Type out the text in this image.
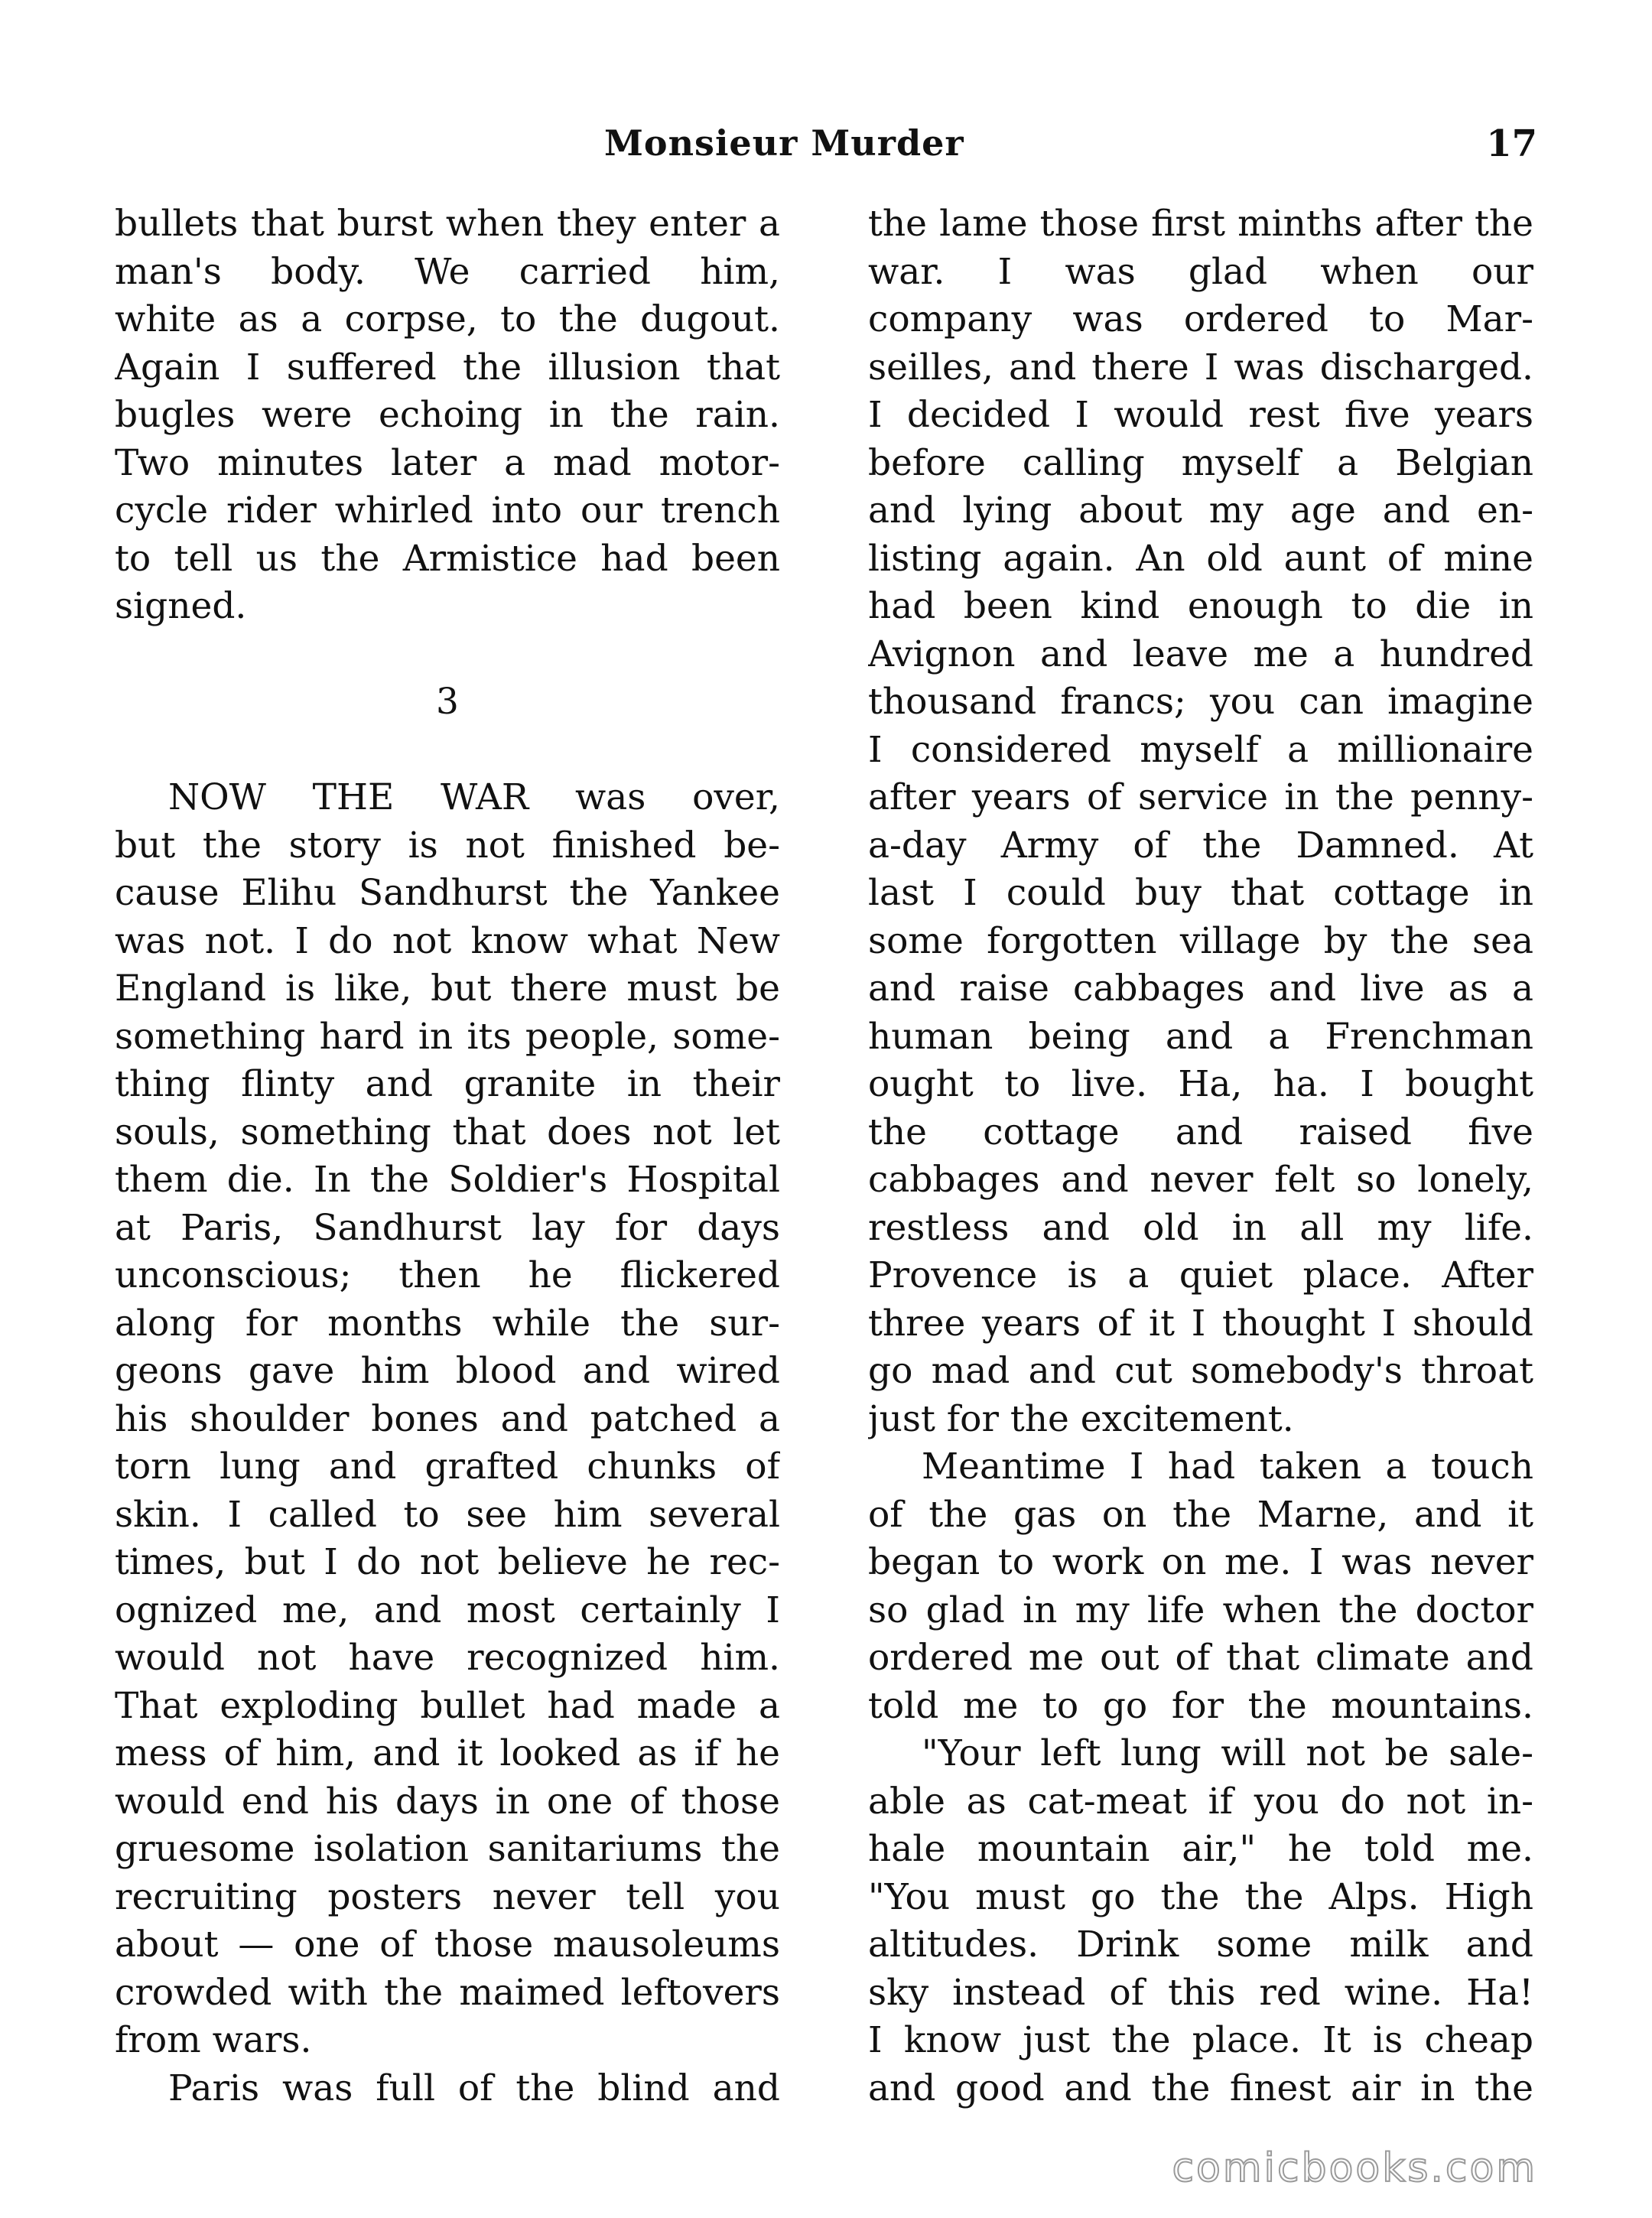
Monsieur Murder	17
bullets that burst when they enter a
man's body. We carried him,
white as a corpse, to the dugout.
Again I suffered the illusion that
bugles were echoing in the rain.
Two minutes later a mad motor-
cycle rider whirled into our trench
to tell us the Armistice had been
signed.
3
NOW THE WAR was over,
but the story is not finished be-
cause Elihu Sandhurst the Yankee
was not. I do not know what New
England is like, but there must be
something hard in its people, some-
thing flinty and granite in their
souls, something that does not let
them die. In the Soldier's Hospital
at Paris, Sandhurst lay for days
unconscious; then he flickered
along for months while the sur-
geons gave him blood and wired
his shoulder bones and patched a
torn lung and grafted chunks of
skin. I called to see him several
times, but I do not believe he rec-
ognized me, and most certainly I
would not have recognized him.
That exploding bullet had made a
mess of him, and it looked as if he
would end his days in one of those
gruesome isolation sanitariums the
recruiting posters never tell you
about — one of those mausoleums
crowded with the maimed leftovers
from wars.
Paris was full of the blind and
the lame those first minths after the
war. I was glad when our
company was ordered to Mar-
seilles, and there I was discharged.
I decided I would rest five years
before calling myself a Belgian
and lying about my age and en-
listing again. An old aunt of mine
had been kind enough to die in
Avignon and leave me a hundred
thousand francs; you can imagine
I considered myself a millionaire
after years of service in the penny-
a-day Army of the Damned. At
last I could buy that cottage in
some forgotten village by the sea
and raise cabbages and live as a
human being and a Frenchman
ought to live. Ha, ha. I bought
the cottage and raised five
cabbages and never felt so lonely,
restless and old in all my life.
Provence is a quiet place. After
three years of it I thought I should
go mad and cut somebody's throat
just for the excitement.
Meantime I had taken a touch
of the gas on the Marne, and it
began to work on me. I was never
so glad in my life when the doctor
ordered me out of that climate and
told me to go for the mountains.
"Your left lung will not be sale-
able as cat-meat if you do not in-
hale mountain air," he told me.
"You must go the the Alps. High
altitudes. Drink some milk and
sky instead of this red wine. Ha!
I know just the place. It is cheap
and good and the finest air in the
comicbooks.com
